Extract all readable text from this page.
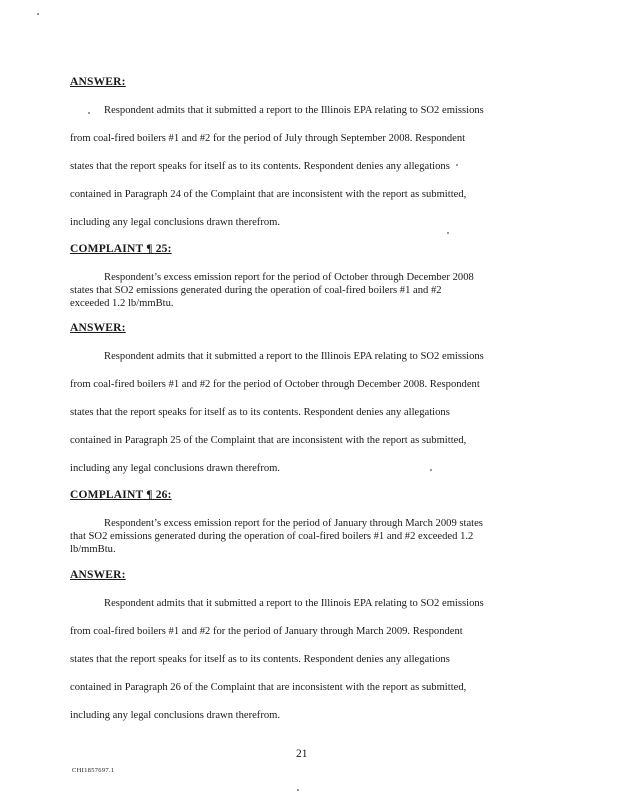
ANSWER:
Respondent admits that it submitted a report to the Illinois EPA relating to SO2 emissions
from coal-fired boilers #1 and #2 for the period of July through September 2008. Respondent
states that the report speaks for itself as to its contents. Respondent denies any allegations
contained in Paragraph 24 of the Complaint that are inconsistent with the report as submitted,
including any legal conclusions drawn therefrom.
COMPLAINT ¶ 25:
Respondent’s excess emission report for the period of October through December 2008
states that SO2 emissions generated during the operation of coal-fired boilers #1 and #2
exceeded 1.2 lb/mmBtu.
ANSWER:
Respondent admits that it submitted a report to the Illinois EPA relating to SO2 emissions
from coal-fired boilers #1 and #2 for the period of October through December 2008. Respondent
states that the report speaks for itself as to its contents. Respondent denies any allegations
contained in Paragraph 25 of the Complaint that are inconsistent with the report as submitted,
including any legal conclusions drawn therefrom.
COMPLAINT ¶ 26:
Respondent’s excess emission report for the period of January through March 2009 states
that SO2 emissions generated during the operation of coal-fired boilers #1 and #2 exceeded 1.2
lb/mmBtu.
ANSWER:
Respondent admits that it submitted a report to the Illinois EPA relating to SO2 emissions
from coal-fired boilers #1 and #2 for the period of January through March 2009. Respondent
states that the report speaks for itself as to its contents. Respondent denies any allegations
contained in Paragraph 26 of the Complaint that are inconsistent with the report as submitted,
including any legal conclusions drawn therefrom.
21
CHI1857697.1
